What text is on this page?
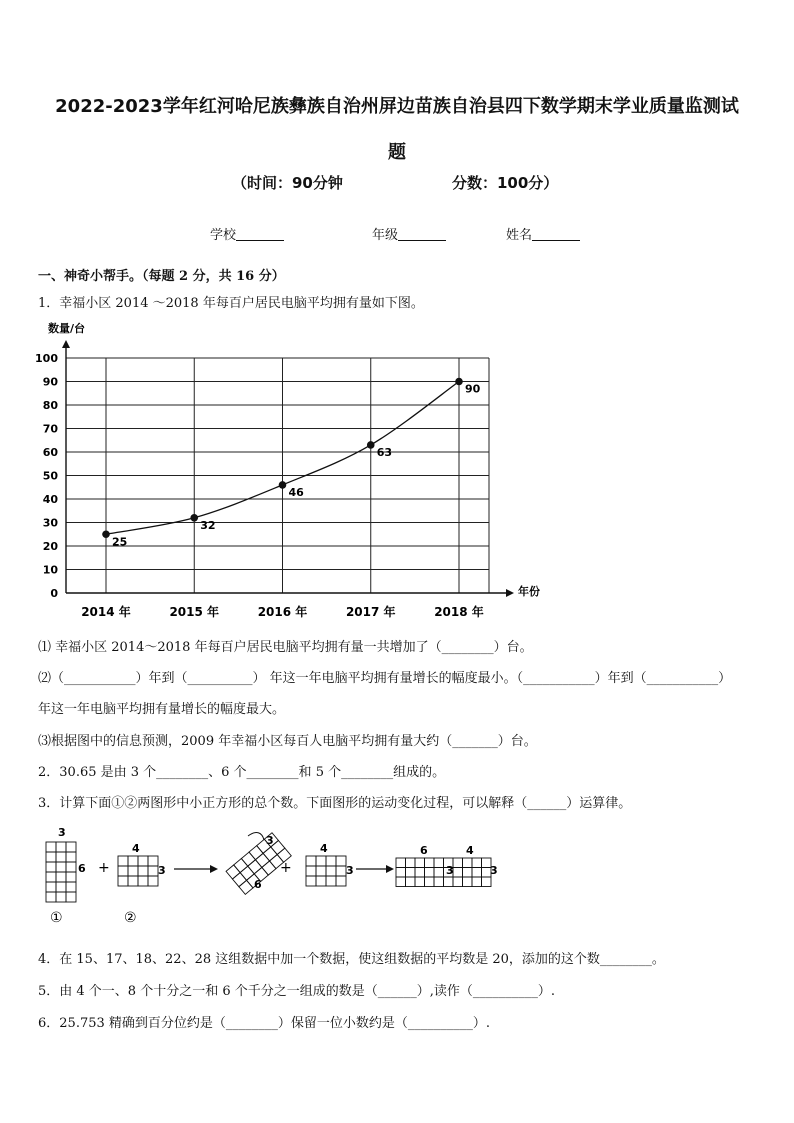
2022-2023学年红河哈尼族彝族自治州屏边苗族自治县四下数学期末学业质量监测试
题
（时间：90分钟	分数：100分）
学校	年级	姓名
一、神奇小帮手。（每题 2 分，共 16 分）
1．幸福小区 2014 ～2018 年每百户居民电脑平均拥有量如下图。
数量/台
年份
0
10
20
30
40
50
60
70
80
90
100
2014 年	2015 年	2016 年	2017 年	2018 年
25
32
46
63
90
⑴ 幸福小区 2014～2018 年每百户居民电脑平均拥有量一共增加了（________）台。
⑵（___________）年到（__________） 年这一年电脑平均拥有量增长的幅度最小。（___________）年到（___________）
年这一年电脑平均拥有量增长的幅度最大。
⑶根据图中的信息预测，2009 年幸福小区每百人电脑平均拥有量大约（_______）台。
2．30.65 是由 3 个________、6 个________和 5 个________组成的。
3．计算下面①②两图形中小正方形的总个数。下面图形的运动变化过程，可以解释（______）运算律。
3
6
①
+
4
3
②
3
6
+
4
3
6	4
3	3
4．在 15、17、18、22、28 这组数据中加一个数据，使这组数据的平均数是 20，添加的这个数________。
5．由 4 个一、8 个十分之一和 6 个千分之一组成的数是（______）,读作（__________）.
6．25.753 精确到百分位约是（________）保留一位小数约是（__________）.
